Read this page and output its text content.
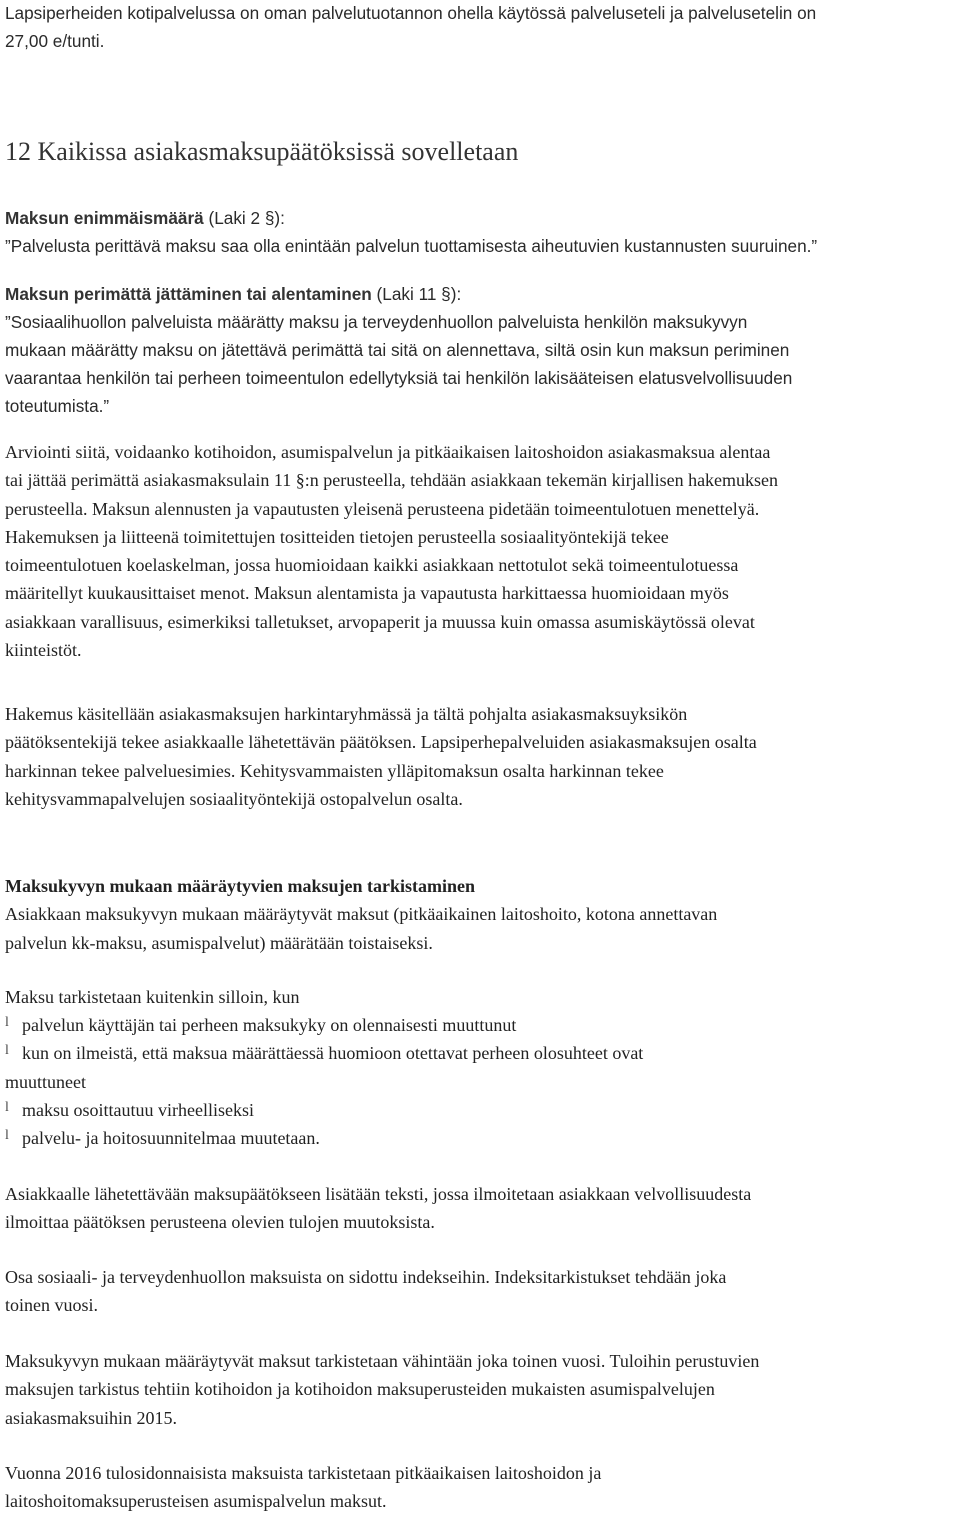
Lapsiperheiden kotipalvelussa on oman palvelutuotannon ohella käytössä palveluseteli ja palvelusetelin on
27,00 e/tunti.
12 Kaikissa asiakasmaksupäätöksissä sovelletaan
Maksun enimmäismäärä (Laki 2 §):
”Palvelusta perittävä maksu saa olla enintään palvelun tuottamisesta aiheutuvien kustannusten suuruinen.”
Maksun perimättä jättäminen tai alentaminen (Laki 11 §):
”Sosiaalihuollon palveluista määrätty maksu ja terveydenhuollon palveluista henkilön maksukyvyn
mukaan määrätty maksu on jätettävä perimättä tai sitä on alennettava, siltä osin kun maksun periminen
vaarantaa henkilön tai perheen toimeentulon edellytyksiä tai henkilön lakisääteisen elatusvelvollisuuden
toteutumista.”
Arviointi siitä, voidaanko kotihoidon, asumispalvelun ja pitkäaikaisen laitoshoidon asiakasmaksua alentaa
tai jättää perimättä asiakasmaksulain 11 §:n perusteella, tehdään asiakkaan tekemän kirjallisen hakemuksen
perusteella. Maksun alennusten ja vapautusten yleisenä perusteena pidetään toimeentulotuen menettelyä.
Hakemuksen ja liitteenä toimitettujen tositteiden tietojen perusteella sosiaalityöntekijä tekee
toimeentulotuen koelaskelman, jossa huomioidaan kaikki asiakkaan nettotulot sekä toimeentulotuessa
määritellyt kuukausittaiset menot. Maksun alentamista ja vapautusta harkittaessa huomioidaan myös
asiakkaan varallisuus, esimerkiksi talletukset, arvopaperit ja muussa kuin omassa asumiskäytössä olevat
kiinteistöt.
Hakemus käsitellään asiakasmaksujen harkintaryhmässä ja tältä pohjalta asiakasmaksuyksikön
päätöksentekijä tekee asiakkaalle lähetettävän päätöksen. Lapsiperhepalveluiden asiakasmaksujen osalta
harkinnan tekee palveluesimies. Kehitysvammaisten ylläpitomaksun osalta harkinnan tekee
kehitysvammapalvelujen sosiaalityöntekijä ostopalvelun osalta.
Maksukyvyn mukaan määräytyvien maksujen tarkistaminen
Asiakkaan maksukyvyn mukaan määräytyvät maksut (pitkäaikainen laitoshoito, kotona annettavan
palvelun kk-maksu, asumispalvelut) määrätään toistaiseksi.
Maksu tarkistetaan kuitenkin silloin, kun
l palvelun käyttäjän tai perheen maksukyky on olennaisesti muuttunut
l kun on ilmeistä, että maksua määrättäessä huomioon otettavat perheen olosuhteet ovat
muuttuneet
l maksu osoittautuu virheelliseksi
l palvelu- ja hoitosuunnitelmaa muutetaan.
Asiakkaalle lähetettävään maksupäätökseen lisätään teksti, jossa ilmoitetaan asiakkaan velvollisuudesta
ilmoittaa päätöksen perusteena olevien tulojen muutoksista.
Osa sosiaali- ja terveydenhuollon maksuista on sidottu indekseihin. Indeksitarkistukset tehdään joka
toinen vuosi.
Maksukyvyn mukaan määräytyvät maksut tarkistetaan vähintään joka toinen vuosi. Tuloihin perustuvien
maksujen tarkistus tehtiin kotihoidon ja kotihoidon maksuperusteiden mukaisten asumispalvelujen
asiakasmaksuihin 2015.
Vuonna 2016 tulosidonnaisista maksuista tarkistetaan pitkäaikaisen laitoshoidon ja
laitoshoitomaksuperusteisen asumispalvelun maksut.
